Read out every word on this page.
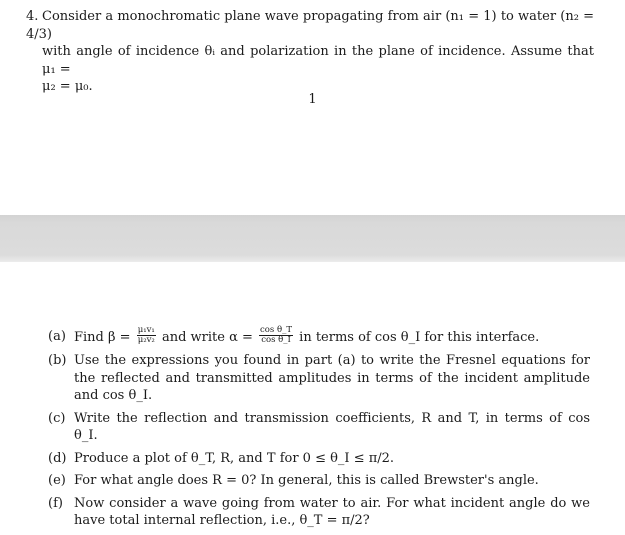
4. Consider a monochromatic plane wave propagating from air (n₁ = 1) to water (n₂ = 4/3)
with angle of incidence θᵢ and polarization in the plane of incidence. Assume that μ₁ =
μ₂ = μ₀.

1
(a) Find $\beta = \frac{\text{μ₁v₁}}{\text{μ₂v₂}}$ and write $\alpha = \frac{\text{cos θ\_T}}{\text{cos θ\_I}}$ in terms of cos θ_I for this interface.
(b) Use the expressions you found in part (a) to write the Fresnel equations for the reflected and transmitted amplitudes in terms of the incident amplitude and cos θ_I.
(c) Write the reflection and transmission coefficients, R and T, in terms of cos θ_I.
(d) Produce a plot of θ_T, R, and T for 0 ≤ θ_I ≤ π/2.
(e) For what angle does R = 0? In general, this is called Brewster's angle.
(f) Now consider a wave going from water to air. For what incident angle do we have total internal reflection, i.e., θ_T = π/2?
